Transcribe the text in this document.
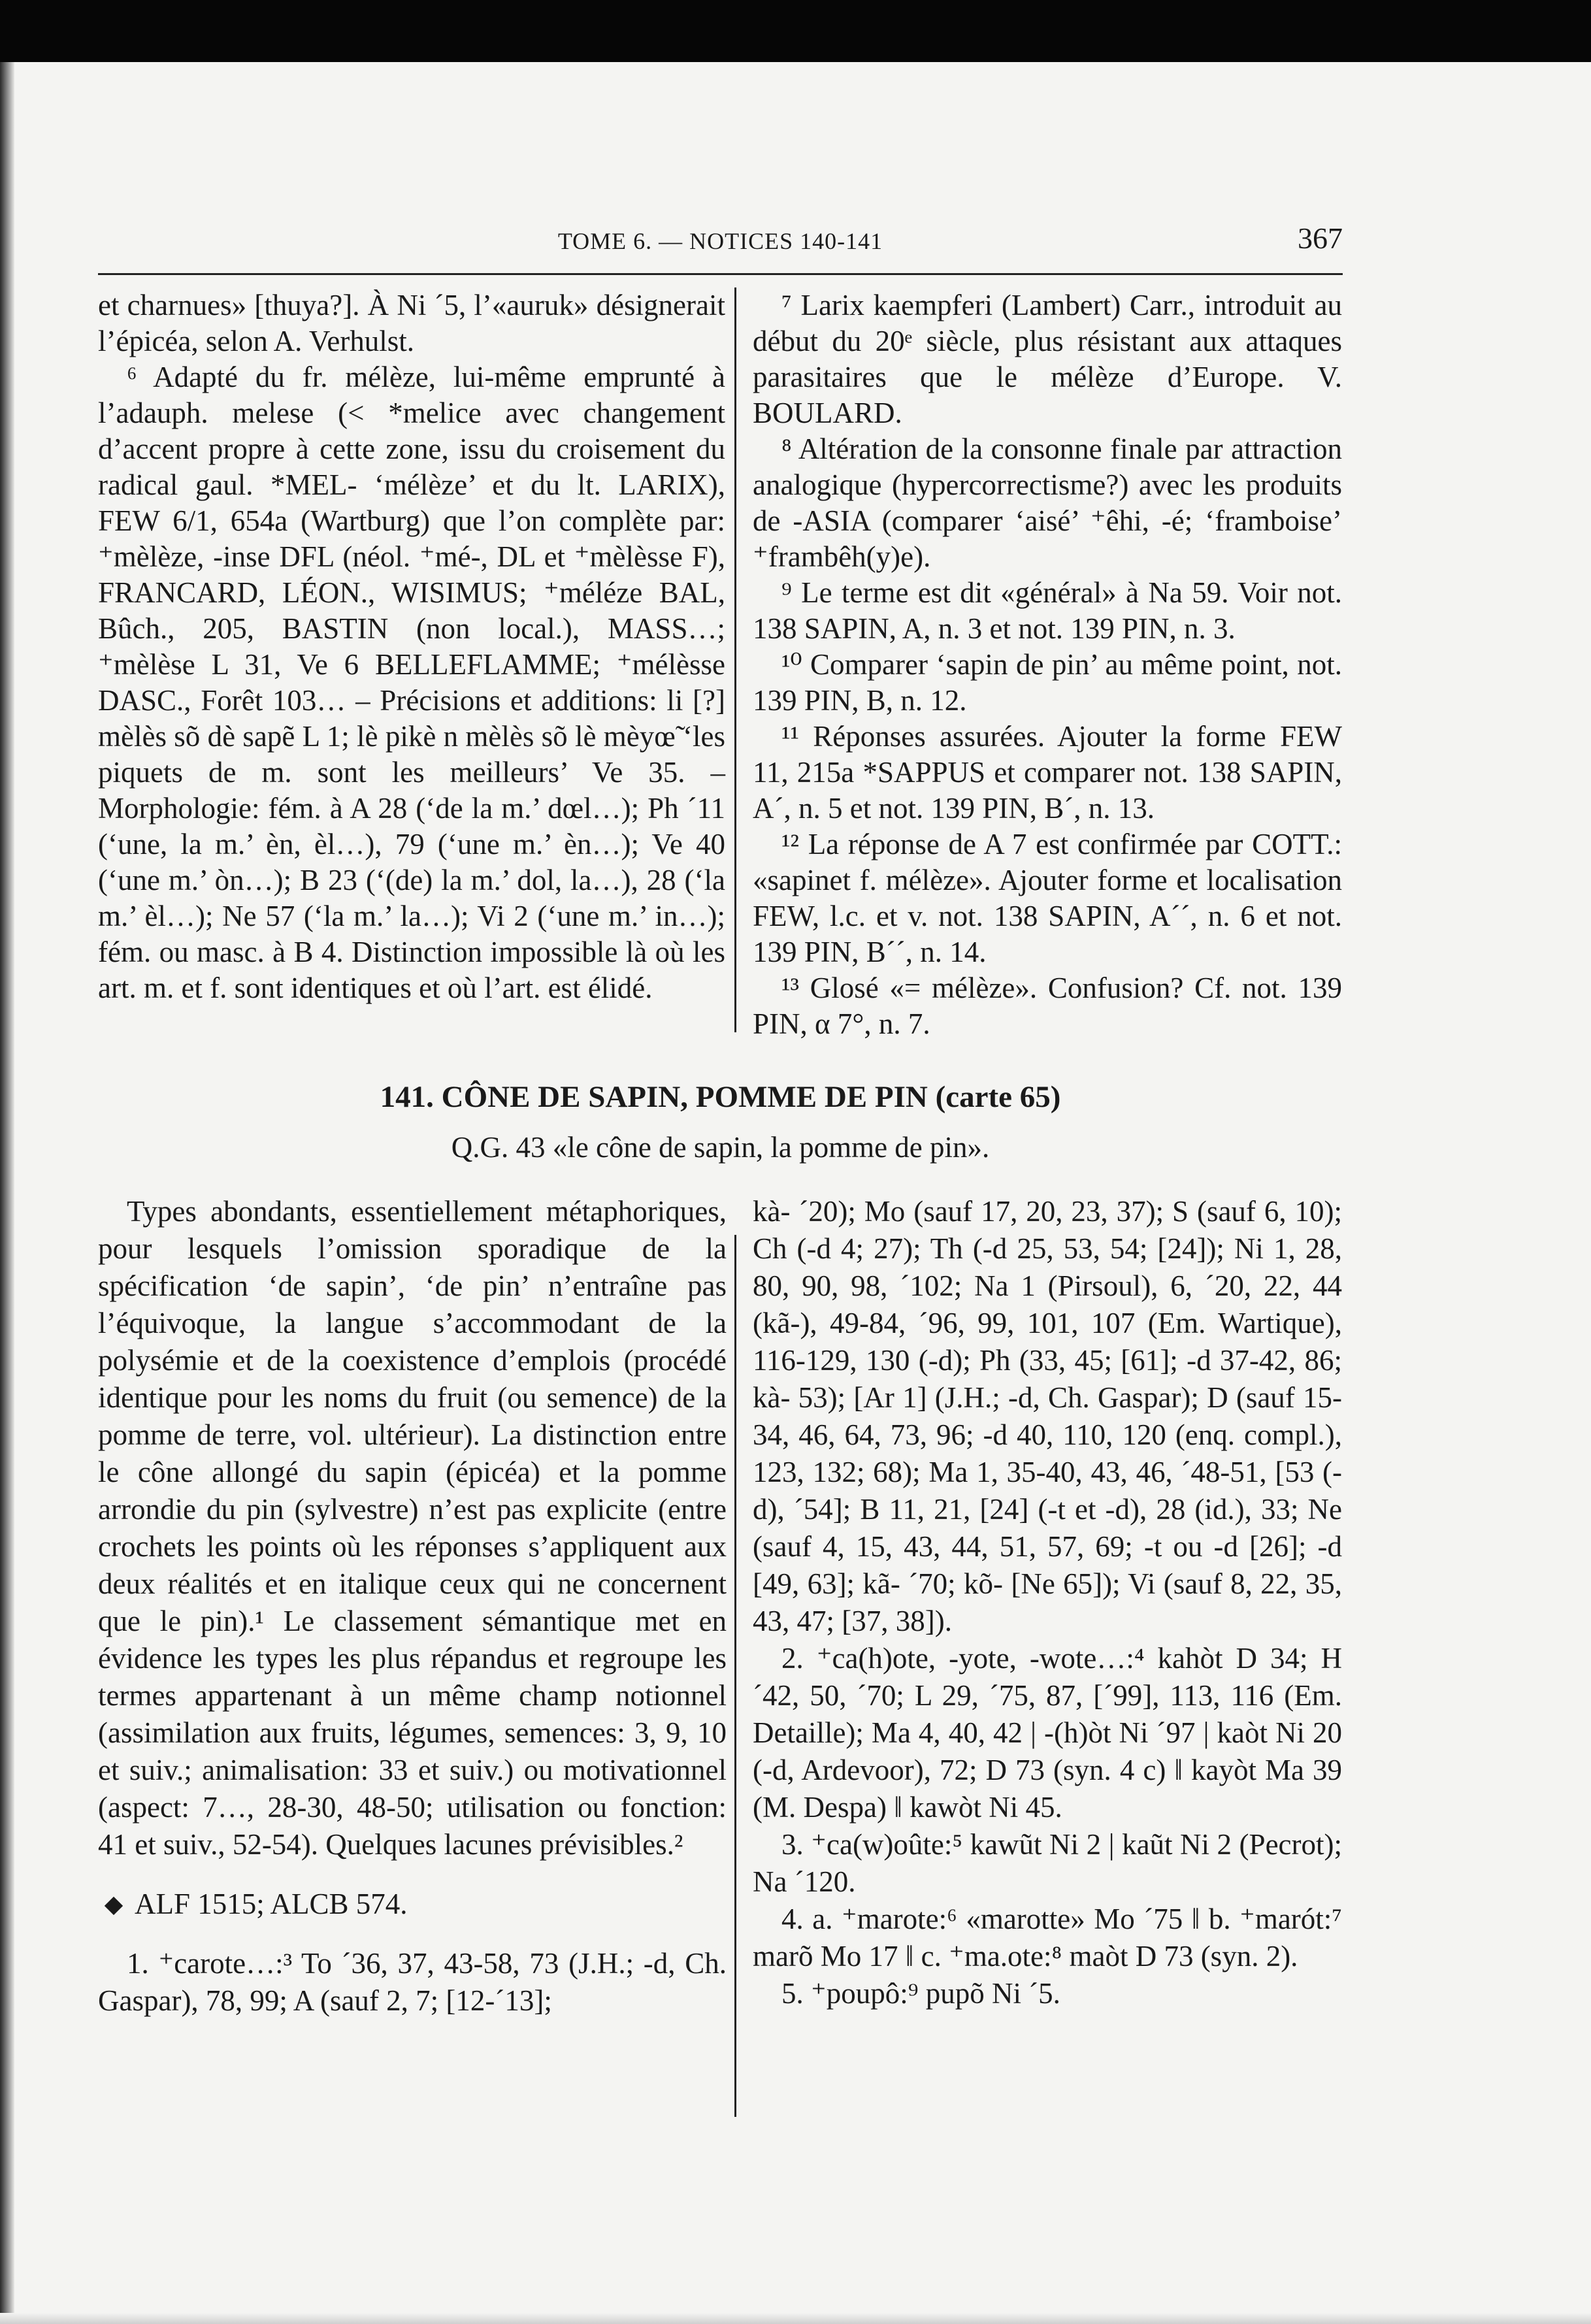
TOME 6. — NOTICES 140-141	367

et charnues» [thuya?]. À Ni ´5, l’«auruk» désignerait l’épicéa, selon A. Verhulst.

⁶ Adapté du fr. mélèze, lui-même emprunté à l’adauph. melese (< *melice avec changement d’accent propre à cette zone, issu du croisement du radical gaul. *MEL- ‘mélèze’ et du lt. LARIX), FEW 6/1, 654a (Wartburg) que l’on complète par: ⁺mèlèze, -inse DFL (néol. ⁺mé-, DL et ⁺mèlèsse F), FRANCARD, LÉON., WISIMUS; ⁺méléze BAL, Bûch., 205, BASTIN (non local.), MASS…; ⁺mèlèse L 31, Ve 6 BELLEFLAMME; ⁺mélèsse DASC., Forêt 103… – Précisions et additions: li [?] mèlès sõ dè sapẽ L 1; lè pikè n mèlès sõ lè mèyœ̃ ‘les piquets de m. sont les meilleurs’ Ve 35. – Morphologie: fém. à A 28 (‘de la m.’ dœl…); Ph ´11 (‘une, la m.’ èn, èl…), 79 (‘une m.’ èn…); Ve 40 (‘une m.’ òn…); B 23 (‘(de) la m.’ dol, la…), 28 (‘la m.’ èl…); Ne 57 (‘la m.’ la…); Vi 2 (‘une m.’ in…); fém. ou masc. à B 4. Distinction impossible là où les art. m. et f. sont identiques et où l’art. est élidé.

⁷ Larix kaempferi (Lambert) Carr., introduit au début du 20ᵉ siècle, plus résistant aux attaques parasitaires que le mélèze d’Europe. V. BOULARD.

⁸ Altération de la consonne finale par attraction analogique (hypercorrectisme?) avec les produits de -ASIA (comparer ‘aisé’ ⁺êhi, -é; ‘framboise’ ⁺frambêh(y)e).

⁹ Le terme est dit «général» à Na 59. Voir not. 138 SAPIN, A, n. 3 et not. 139 PIN, n. 3.

¹⁰ Comparer ‘sapin de pin’ au même point, not. 139 PIN, B, n. 12.

¹¹ Réponses assurées. Ajouter la forme FEW 11, 215a *SAPPUS et comparer not. 138 SAPIN, A´, n. 5 et not. 139 PIN, B´, n. 13.

¹² La réponse de A 7 est confirmée par COTT.: «sapinet f. mélèze». Ajouter forme et localisation FEW, l.c. et v. not. 138 SAPIN, A´´, n. 6 et not. 139 PIN, B´´, n. 14.

¹³ Glosé «= mélèze». Confusion? Cf. not. 139 PIN, α 7°, n. 7.

141. CÔNE DE SAPIN, POMME DE PIN (carte 65)
Q.G. 43 «le cône de sapin, la pomme de pin».

Types abondants, essentiellement métaphoriques, pour lesquels l’omission sporadique de la spécification ‘de sapin’, ‘de pin’ n’entraîne pas l’équivoque, la langue s’accommodant de la polysémie et de la coexistence d’emplois (procédé identique pour les noms du fruit (ou semence) de la pomme de terre, vol. ultérieur). La distinction entre le cône allongé du sapin (épicéa) et la pomme arrondie du pin (sylvestre) n’est pas explicite (entre crochets les points où les réponses s’appliquent aux deux réalités et en italique ceux qui ne concernent que le pin).¹ Le classement sémantique met en évidence les types les plus répandus et regroupe les termes appartenant à un même champ notionnel (assimilation aux fruits, légumes, semences: 3, 9, 10 et suiv.; animalisation: 33 et suiv.) ou motivationnel (aspect: 7…, 28-30, 48-50; utilisation ou fonction: 41 et suiv., 52-54). Quelques lacunes prévisibles.²

ALF 1515; ALCB 574.

1. ⁺carote…:³ To ´36, 37, 43-58, 73 (J.H.; -d, Ch. Gaspar), 78, 99; A (sauf 2, 7; [12-´13];

kà- ´20); Mo (sauf 17, 20, 23, 37); S (sauf 6, 10); Ch (-d 4; 27); Th (-d 25, 53, 54; [24]); Ni 1, 28, 80, 90, 98, ´102; Na 1 (Pirsoul), 6, ´20, 22, 44 (kã-), 49-84, ´96, 99, 101, 107 (Em. Wartique), 116-129, 130 (-d); Ph (33, 45; [61]; -d 37-42, 86; kà- 53); [Ar 1] (J.H.; -d, Ch. Gaspar); D (sauf 15-34, 46, 64, 73, 96; -d 40, 110, 120 (enq. compl.), 123, 132; 68); Ma 1, 35-40, 43, 46, ´48-51, [53 (-d), ´54]; B 11, 21, [24] (-t et -d), 28 (id.), 33; Ne (sauf 4, 15, 43, 44, 51, 57, 69; -t ou -d [26]; -d [49, 63]; kã- ´70; kõ- [Ne 65]); Vi (sauf 8, 22, 35, 43, 47; [37, 38]).

2. ⁺ca(h)ote, -yote, -wote…:⁴ kahòt D 34; H ´42, 50, ´70; L 29, ´75, 87, [´99], 113, 116 (Em. Detaille); Ma 4, 40, 42 | -(h)òt Ni ´97 | kaòt Ni 20 (-d, Ardevoor), 72; D 73 (syn. 4 c) ‖ kayòt Ma 39 (M. Despa) ‖ kawòt Ni 45.

3. ⁺ca(w)oûte:⁵ kawũt Ni 2 | kaũt Ni 2 (Pecrot); Na ´120.

4. a. ⁺marote:⁶ «marotte» Mo ´75 ‖ b. ⁺marót:⁷ marõ Mo 17 ‖ c. ⁺ma.ote:⁸ maòt D 73 (syn. 2).

5. ⁺poupô:⁹ pupõ Ni ´5.
